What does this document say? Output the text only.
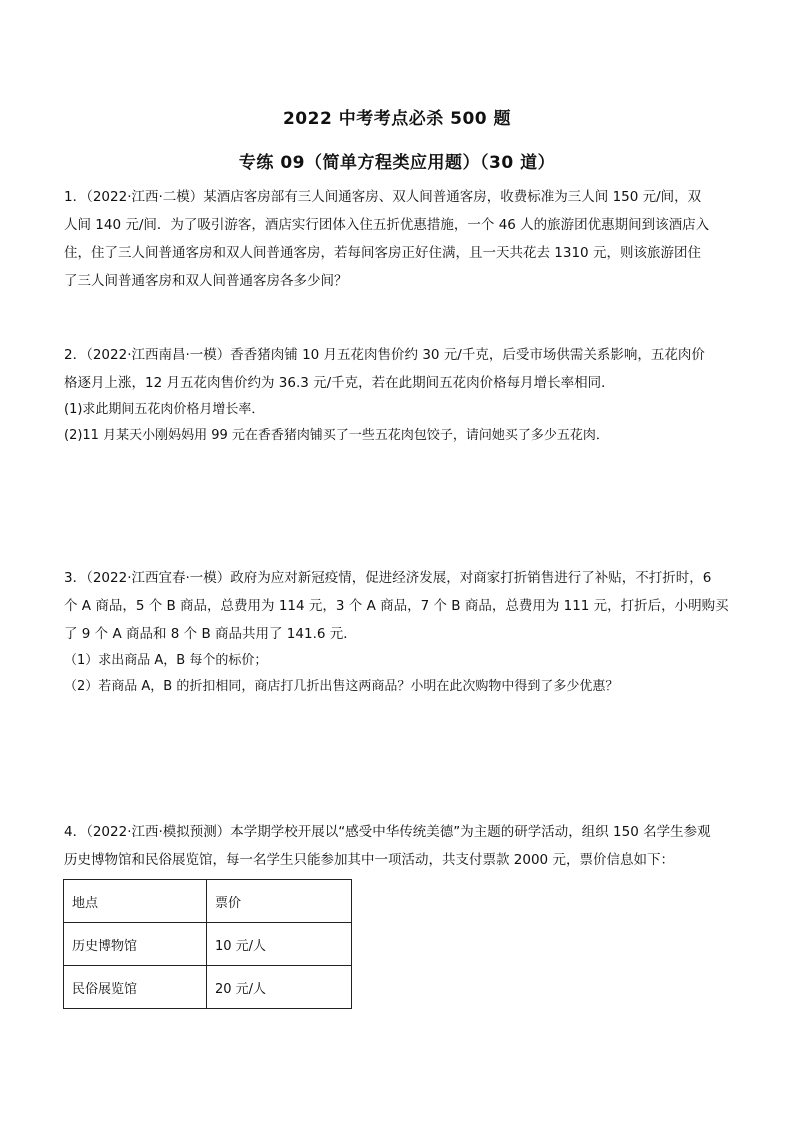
2022 中考考点必杀 500 题
专练 09（简单方程类应用题）（30 道）
1．（2022·江西·二模）某酒店客房部有三人间通客房、双人间普通客房，收费标准为三人间 150 元/间，双
人间 140 元/间．为了吸引游客，酒店实行团体入住五折优惠措施，一个 46 人的旅游团优惠期间到该酒店入
住，住了三人间普通客房和双人间普通客房，若每间客房正好住满，且一天共花去 1310 元，则该旅游团住
了三人间普通客房和双人间普通客房各多少间？
2．（2022·江西南昌·一模）香香猪肉铺 10 月五花肉售价约 30 元/千克，后受市场供需关系影响，五花肉价
格逐月上涨，12 月五花肉售价约为 36.3 元/千克，若在此期间五花肉价格每月增长率相同．
(1)求此期间五花肉价格月增长率．
(2)11 月某天小刚妈妈用 99 元在香香猪肉铺买了一些五花肉包饺子，请问她买了多少五花肉．
3．（2022·江西宜春·一模）政府为应对新冠疫情，促进经济发展，对商家打折销售进行了补贴，不打折时，6
个 A 商品，5 个 B 商品，总费用为 114 元，3 个 A 商品，7 个 B 商品，总费用为 111 元，打折后，小明购买
了 9 个 A 商品和 8 个 B 商品共用了 141.6 元．
（1）求出商品 A，B 每个的标价；
（2）若商品 A，B 的折扣相同，商店打几折出售这两商品？小明在此次购物中得到了多少优惠？
4．（2022·江西·模拟预测）本学期学校开展以“感受中华传统美德”为主题的研学活动，组织 150 名学生参观
历史博物馆和民俗展览馆，每一名学生只能参加其中一项活动，共支付票款 2000 元，票价信息如下：
地点	票价
历史博物馆	10 元/人
民俗展览馆	20 元/人
